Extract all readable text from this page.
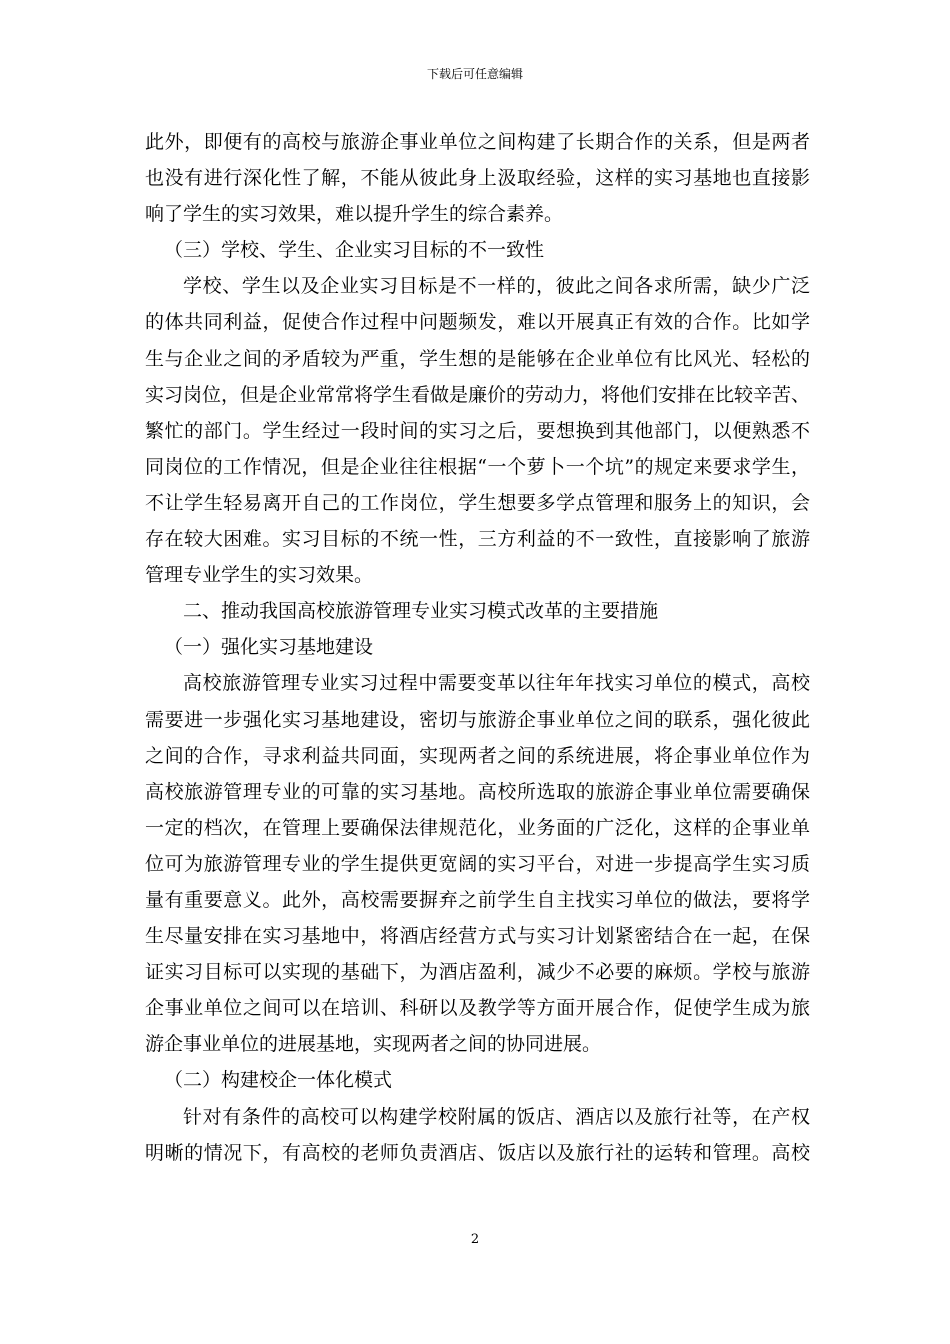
下载后可任意编辑
此外，即便有的高校与旅游企事业单位之间构建了长期合作的关系，但是两者
也没有进行深化性了解，不能从彼此身上汲取经验，这样的实习基地也直接影
响了学生的实习效果，难以提升学生的综合素养。
（三）学校、学生、企业实习目标的不一致性
学校、学生以及企业实习目标是不一样的，彼此之间各求所需，缺少广泛
的体共同利益，促使合作过程中问题频发，难以开展真正有效的合作。比如学
生与企业之间的矛盾较为严重，学生想的是能够在企业单位有比风光、轻松的
实习岗位，但是企业常常将学生看做是廉价的劳动力，将他们安排在比较辛苦、
繁忙的部门。学生经过一段时间的实习之后，要想换到其他部门，以便熟悉不
同岗位的工作情况，但是企业往往根据“一个萝卜一个坑”的规定来要求学生，
不让学生轻易离开自己的工作岗位，学生想要多学点管理和服务上的知识，会
存在较大困难。实习目标的不统一性，三方利益的不一致性，直接影响了旅游
管理专业学生的实习效果。
二、推动我国高校旅游管理专业实习模式改革的主要措施
（一）强化实习基地建设
高校旅游管理专业实习过程中需要变革以往年年找实习单位的模式，高校
需要进一步强化实习基地建设，密切与旅游企事业单位之间的联系，强化彼此
之间的合作，寻求利益共同面，实现两者之间的系统进展，将企事业单位作为
高校旅游管理专业的可靠的实习基地。高校所选取的旅游企事业单位需要确保
一定的档次，在管理上要确保法律规范化，业务面的广泛化，这样的企事业单
位可为旅游管理专业的学生提供更宽阔的实习平台，对进一步提高学生实习质
量有重要意义。此外，高校需要摒弃之前学生自主找实习单位的做法，要将学
生尽量安排在实习基地中，将酒店经营方式与实习计划紧密结合在一起，在保
证实习目标可以实现的基础下，为酒店盈利，减少不必要的麻烦。学校与旅游
企事业单位之间可以在培训、科研以及教学等方面开展合作，促使学生成为旅
游企事业单位的进展基地，实现两者之间的协同进展。
（二）构建校企一体化模式
针对有条件的高校可以构建学校附属的饭店、酒店以及旅行社等，在产权
明晰的情况下，有高校的老师负责酒店、饭店以及旅行社的运转和管理。高校
2
